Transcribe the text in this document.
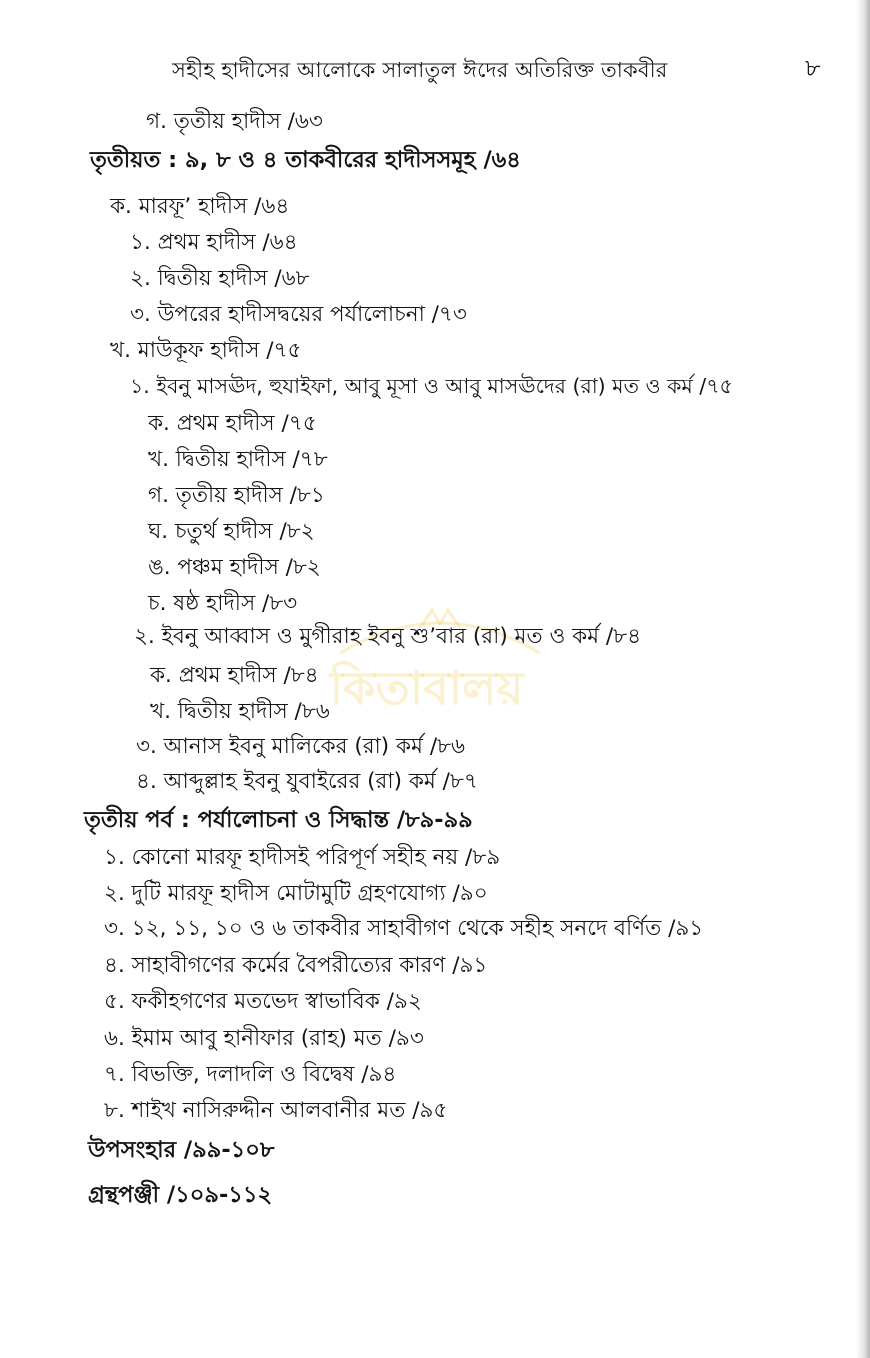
সহীহ হাদীসের আলোকে সালাতুল ঈদের অতিরিক্ত তাকবীর	৮
কিতাবালয়
গ. তৃতীয় হাদীস /৬৩
তৃতীয়ত : ৯, ৮ ও ৪ তাকবীরের হাদীসসমূহ /৬৪
ক. মারফূ’ হাদীস /৬৪
১. প্রথম হাদীস /৬৪
২. দ্বিতীয় হাদীস /৬৮
৩. উপরের হাদীসদ্বয়ের পর্যালোচনা /৭৩
খ. মাউকূফ হাদীস /৭৫
১. ইবনু মাসঊদ, হুযাইফা, আবু মূসা ও আবু মাসঊদের (রা) মত ও কর্ম /৭৫
ক. প্রথম হাদীস /৭৫
খ. দ্বিতীয় হাদীস /৭৮
গ. তৃতীয় হাদীস /৮১
ঘ. চতুর্থ হাদীস /৮২
ঙ. পঞ্চম হাদীস /৮২
চ. ষষ্ঠ হাদীস /৮৩
২. ইবনু আব্বাস ও মুগীরাহ ইবনু শু’বার (রা) মত ও কর্ম /৮৪
ক. প্রথম হাদীস /৮৪
খ. দ্বিতীয় হাদীস /৮৬
৩. আনাস ইবনু মালিকের (রা) কর্ম /৮৬
৪. আব্দুল্লাহ ইবনু যুবাইরের (রা) কর্ম /৮৭
তৃতীয় পর্ব : পর্যালোচনা ও সিদ্ধান্ত /৮৯-৯৯
১. কোনো মারফূ হাদীসই পরিপূর্ণ সহীহ নয় /৮৯
২. দুটি মারফূ হাদীস মোটামুটি গ্রহণযোগ্য /৯০
৩. ১২, ১১, ১০ ও ৬ তাকবীর সাহাবীগণ থেকে সহীহ সনদে বর্ণিত /৯১
৪. সাহাবীগণের কর্মের বৈপরীত্যের কারণ /৯১
৫. ফকীহগণের মতভেদ স্বাভাবিক /৯২
৬. ইমাম আবু হানীফার (রাহ) মত /৯৩
৭. বিভক্তি, দলাদলি ও বিদ্বেষ /৯৪
৮. শাইখ নাসিরুদ্দীন আলবানীর মত /৯৫
উপসংহার /৯৯-১০৮
গ্রন্থপঞ্জী /১০৯-১১২
